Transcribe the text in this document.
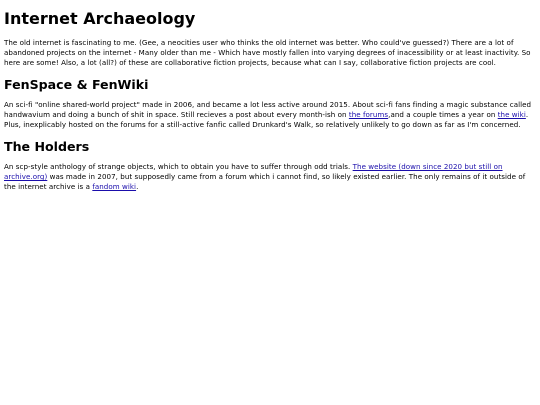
Internet Archaeology

The old internet is fascinating to me. (Gee, a neocities user who thinks the old internet was better. Who could've guessed?) There are a lot of abandoned projects on the internet - Many older than me - Which have mostly fallen into varying degrees of inacessibility or at least inactivity. So here are some! Also, a lot (all?) of these are collaborative fiction projects, because what can I say, collaborative fiction projects are cool.

FenSpace & FenWiki

An sci-fi "online shared-world project" made in 2006, and became a lot less active around 2015. About sci-fi fans finding a magic substance called handwavium and doing a bunch of shit in space. Still recieves a post about every month-ish on the forums,and a couple times a year on the wiki. Plus, inexplicably hosted on the forums for a still-active fanfic called Drunkard's Walk, so relatively unlikely to go down as far as I'm concerned.

The Holders

An scp-style anthology of strange objects, which to obtain you have to suffer through odd trials. The website (down since 2020 but still on archive.org) was made in 2007, but supposedly came from a forum which i cannot find, so likely existed earlier. The only remains of it outside of the internet archive is a fandom wiki.
